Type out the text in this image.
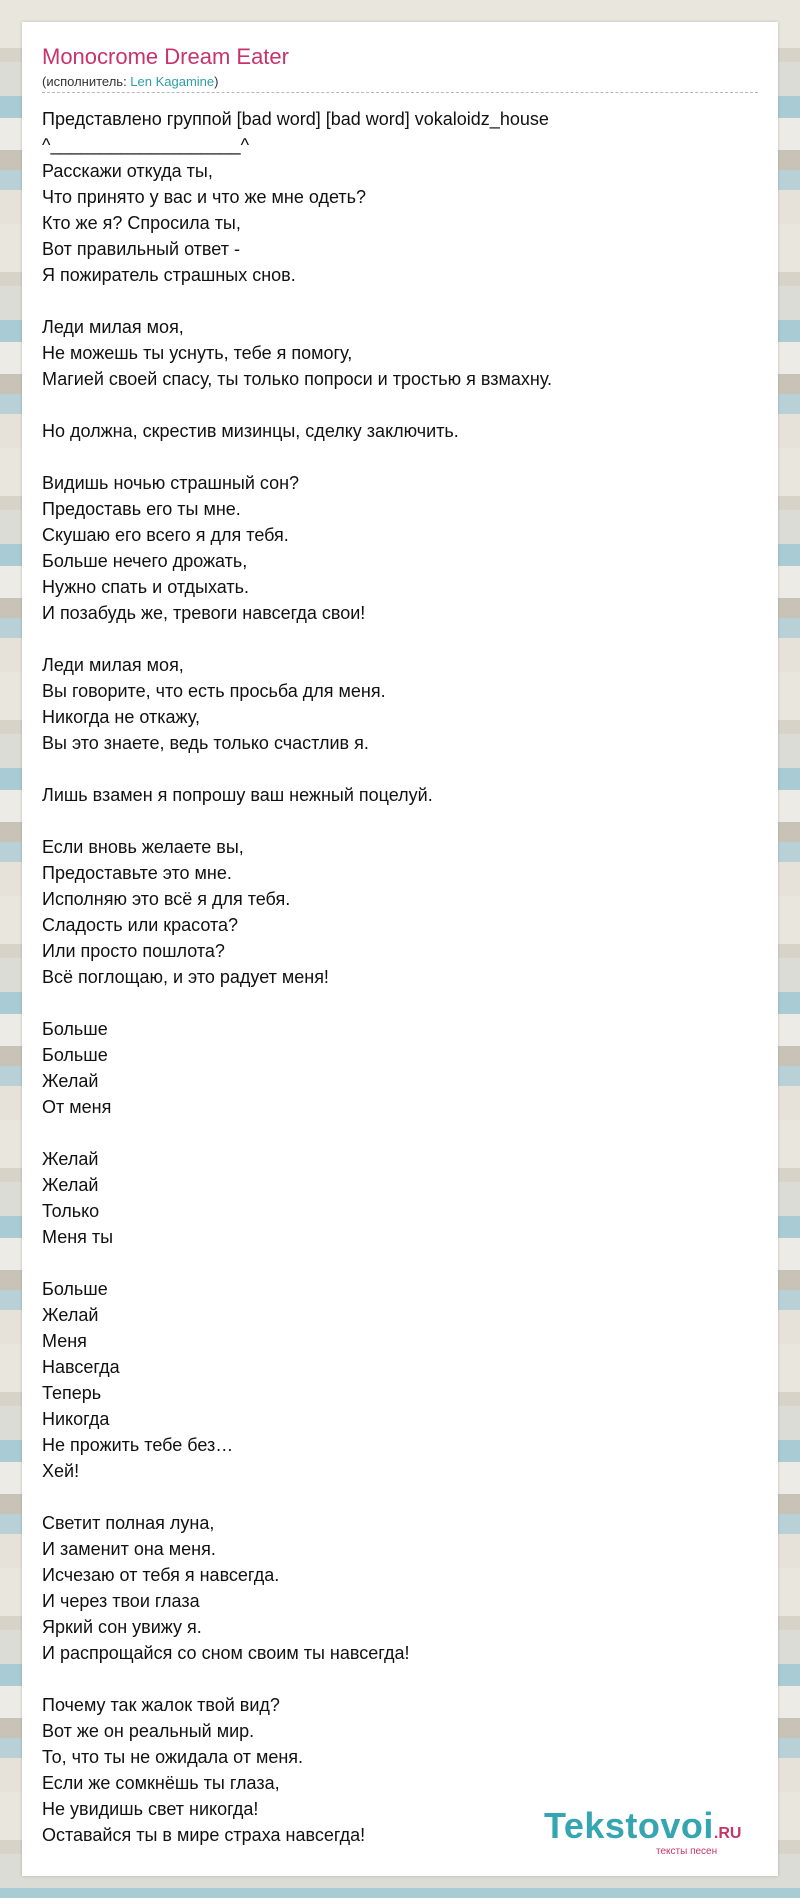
Monocrome Dream Eater
(исполнитель: Len Kagamine)

Представлено группой [bad word] [bad word] vokaloidz_house
^___________________^
Расскажи откуда ты,
Что принято у вас и что же мне одеть?
Кто же я? Спросила ты,
Вот правильный ответ -
Я пожиратель страшных снов.

Леди милая моя,
Не можешь ты уснуть, тебе я помогу,
Магией своей спасу, ты только попроси и тростью я взмахну.

Но должна, скрестив мизинцы, сделку заключить.

Видишь ночью страшный сон?
Предоставь его ты мне.
Скушаю его всего я для тебя.
Больше нечего дрожать,
Нужно спать и отдыхать.
И позабудь же, тревоги навсегда свои!

Леди милая моя,
Вы говорите, что есть просьба для меня.
Никогда не откажу,
Вы это знаете, ведь только счастлив я.

Лишь взамен я попрошу ваш нежный поцелуй.

Если вновь желаете вы,
Предоставьте это мне.
Исполняю это всё я для тебя.
Сладость или красота?
Или просто пошлота?
Всё поглощаю, и это радует меня!

Больше
Больше
Желай
От меня

Желай
Желай
Только
Меня ты

Больше
Желай
Меня
Навсегда
Теперь
Никогда
Не прожить тебе без…
Хей!

Светит полная луна,
И заменит она меня.
Исчезаю от тебя я навсегда.
И через твои глаза
Яркий сон увижу я.
И распрощайся со сном своим ты навсегда!

Почему так жалок твой вид?
Вот же он реальный мир.
То, что ты не ожидала от меня.
Если же сомкнёшь ты глаза,
Не увидишь свет никогда!
Оставайся ты в мире страха навсегда!	Tekstovoi.RU
тексты песен
